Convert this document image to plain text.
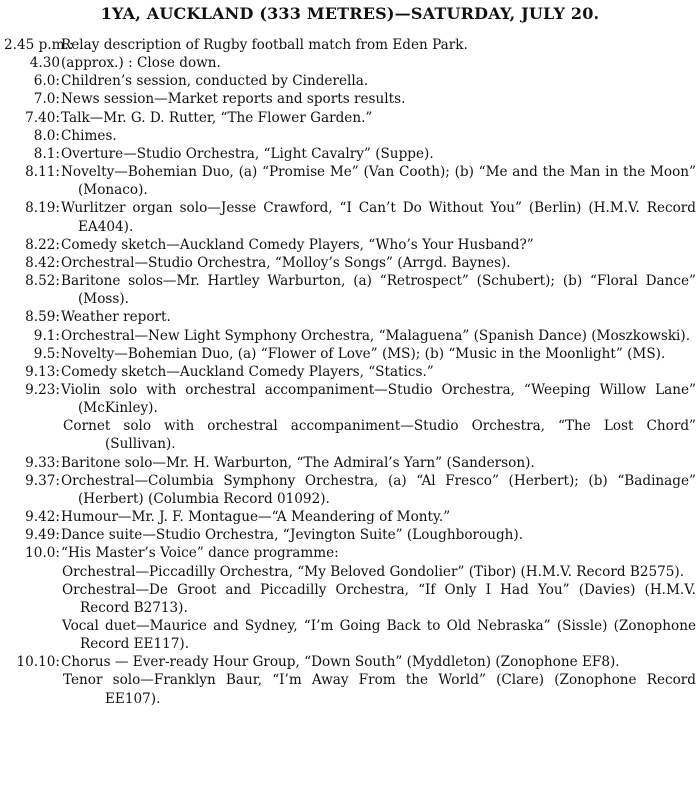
1YA, AUCKLAND (333 METRES)—SATURDAY, JULY 20.
2.45 p.m.:
Relay description of Rugby football match from Eden Park.
4.30 (approx.) : Close down.
6.0: Children’s session, conducted by Cinderella.
7.0: News session—Market reports and sports results.
7.40: Talk—Mr. G. D. Rutter, “The Flower Garden.”
8.0: Chimes.
8.1: Overture—Studio Orchestra, “Light Cavalry” (Suppe).
8.11: Novelty—Bohemian Duo, (a) “Promise Me” (Van Cooth); (b) “Me and the Man in the Moon” (Monaco).
8.19: Wurlitzer organ solo—Jesse Crawford, “I Can’t Do Without You” (Berlin) (H.M.V. Record EA404).
8.22: Comedy sketch—Auckland Comedy Players, “Who’s Your Husband?”
8.42: Orchestral—Studio Orchestra, “Molloy’s Songs” (Arrgd. Baynes).
8.52: Baritone solos—Mr. Hartley Warburton, (a) “Retrospect” (Schubert); (b) “Floral Dance” (Moss).
8.59: Weather report.
9.1: Orchestral—New Light Symphony Orchestra, “Malaguena” (Spanish Dance) (Moszkowski).
9.5: Novelty—Bohemian Duo, (a) “Flower of Love” (MS); (b) “Music in the Moonlight” (MS).
9.13: Comedy sketch—Auckland Comedy Players, “Statics.”
9.23: Violin solo with orchestral accompaniment—Studio Orchestra, “Weeping Willow Lane” (McKinley).
Cornet solo with orchestral accompaniment—Studio Orchestra, “The Lost Chord” (Sullivan).
9.33: Baritone solo—Mr. H. Warburton, “The Admiral’s Yarn” (Sanderson).
9.37: Orchestral—Columbia Symphony Orchestra, (a) “Al Fresco” (Herbert); (b) “Badinage” (Herbert) (Columbia Record 01092).
9.42: Humour—Mr. J. F. Montague—“A Meandering of Monty.”
9.49: Dance suite—Studio Orchestra, “Jevington Suite” (Loughborough).
10.0: “His Master’s Voice” dance programme:
Orchestral—Piccadilly Orchestra, “My Beloved Gondolier” (Tibor) (H.M.V. Record B2575).
Orchestral—De Groot and Piccadilly Orchestra, “If Only I Had You” (Davies) (H.M.V. Record B2713).
Vocal duet—Maurice and Sydney, “I’m Going Back to Old Nebraska” (Sissle) (Zonophone Record EE117).
10.10: Chorus — Ever-ready Hour Group, “Down South” (Myddleton) (Zonophone EF8).
Tenor solo—Franklyn Baur, “I’m Away From the World” (Clare) (Zonophone Record EE107).
